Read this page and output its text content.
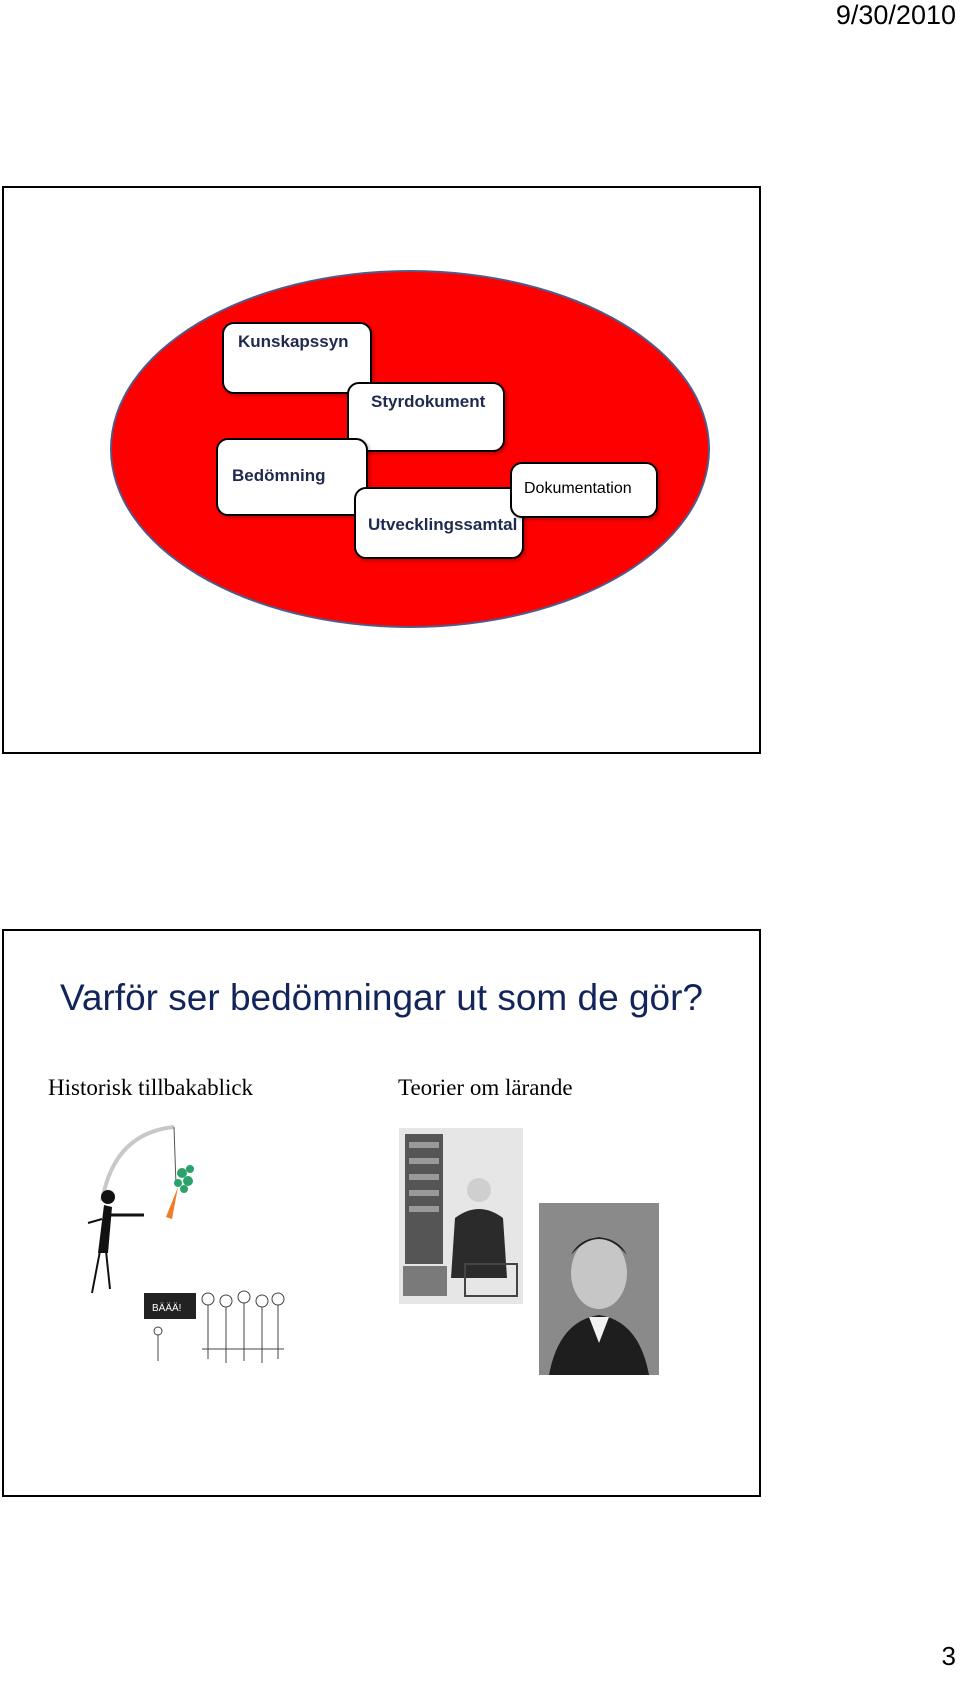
9/30/2010
Kunskapssyn
Styrdokument
Bedömning
Utvecklingssamtal
Dokumentation
Varför ser bedömningar ut som de gör?
Historisk tillbakablick	Teorier om lärande
BÄÄÄ!
3
